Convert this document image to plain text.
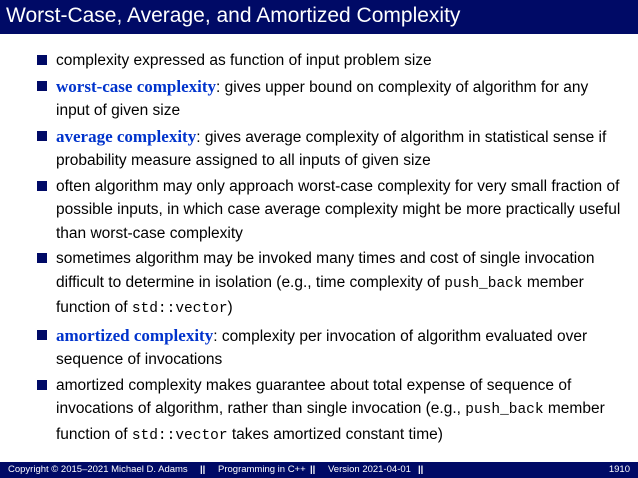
Worst-Case, Average, and Amortized Complexity
complexity expressed as function of input problem size
worst-case complexity: gives upper bound on complexity of algorithm for any input of given size
average complexity: gives average complexity of algorithm in statistical sense if probability measure assigned to all inputs of given size
often algorithm may only approach worst-case complexity for very small fraction of possible inputs, in which case average complexity might be more practically useful than worst-case complexity
sometimes algorithm may be invoked many times and cost of single invocation difficult to determine in isolation (e.g., time complexity of push_back member function of std::vector)
amortized complexity: complexity per invocation of algorithm evaluated over sequence of invocations
amortized complexity makes guarantee about total expense of sequence of invocations of algorithm, rather than single invocation (e.g., push_back member function of std::vector takes amortized constant time)
Copyright © 2015–2021 Michael D. Adams || Programming in C++ || Version 2021-04-01 ||	1910
